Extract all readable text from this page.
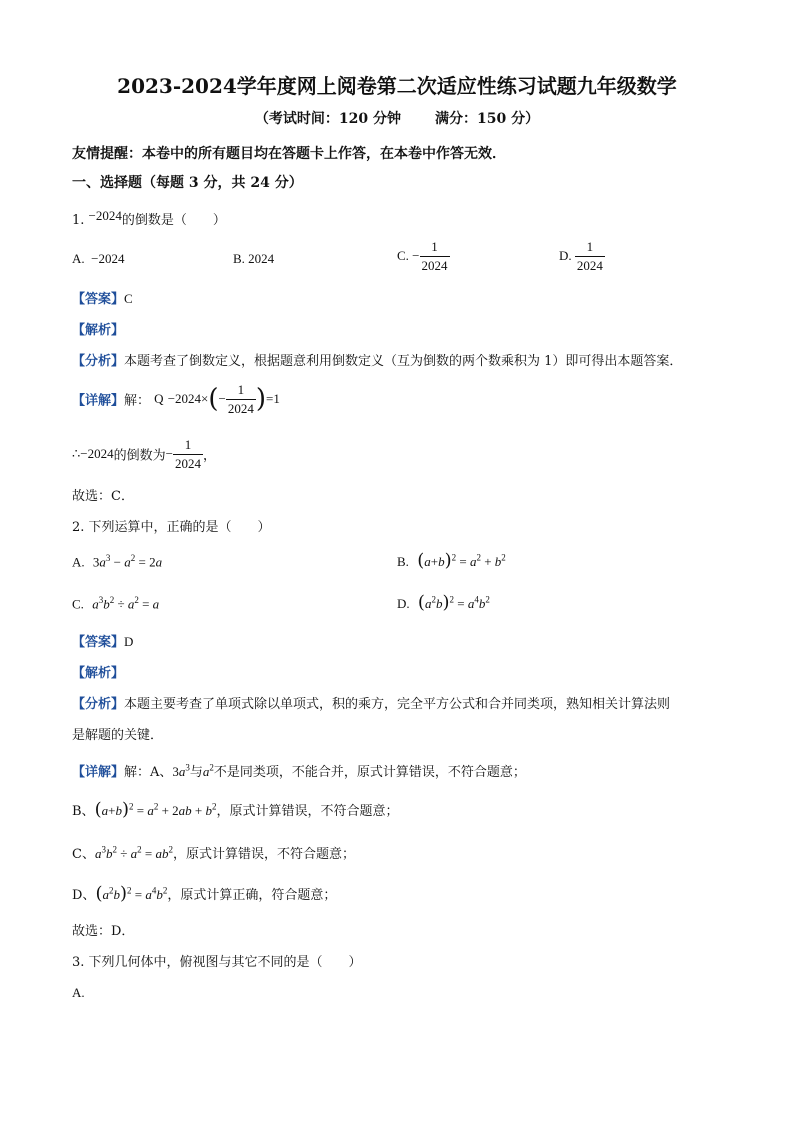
2023-2024学年度网上阅卷第二次适应性练习试题九年级数学
（考试时间：120 分钟 满分：150 分）
友情提醒：本卷中的所有题目均在答题卡上作答，在本卷中作答无效．
一、选择题（每题 3 分，共 24 分）
1. −2024的倒数是（　　）
A. −2024	B. 2024	C. − $\frac{1}{2024}$	D. $\frac{1}{2024}$
【答案】C
【解析】
【分析】本题考查了倒数定义，根据题意利用倒数定义（互为倒数的两个数乘积为 1）即可得出本题答案．
【详解】解： $Q -2024\times(- \frac{1}{2024} )=1$
∴−2024的倒数为− $\frac{1}{2024}$ ，
故选：C．
2. 下列运算中，正确的是（　　）
A. $3a^3 - a^2 = 2a$	B. $(a+b)^2 = a^2 + b^2$
C. $a^3b^2 \div a^2 = a$	D. $(a^2b)^2 = a^4b^2$
【答案】D
【解析】
【分析】本题主要考查了单项式除以单项式，积的乘方，完全平方公式和合并同类项，熟知相关计算法则
是解题的关键．
【详解】解：A、$3a^3$与$a^2$不是同类项，不能合并，原式计算错误，不符合题意；
B、$(a+b)^2 = a^2 + 2ab + b^2$，原式计算错误，不符合题意；
C、$a^3b^2 \div a^2 = ab^2$，原式计算错误，不符合题意；
D、$(a^2b)^2 = a^4b^2$，原式计算正确，符合题意；
故选：D．
3. 下列几何体中，俯视图与其它不同的是（　　）
A.
